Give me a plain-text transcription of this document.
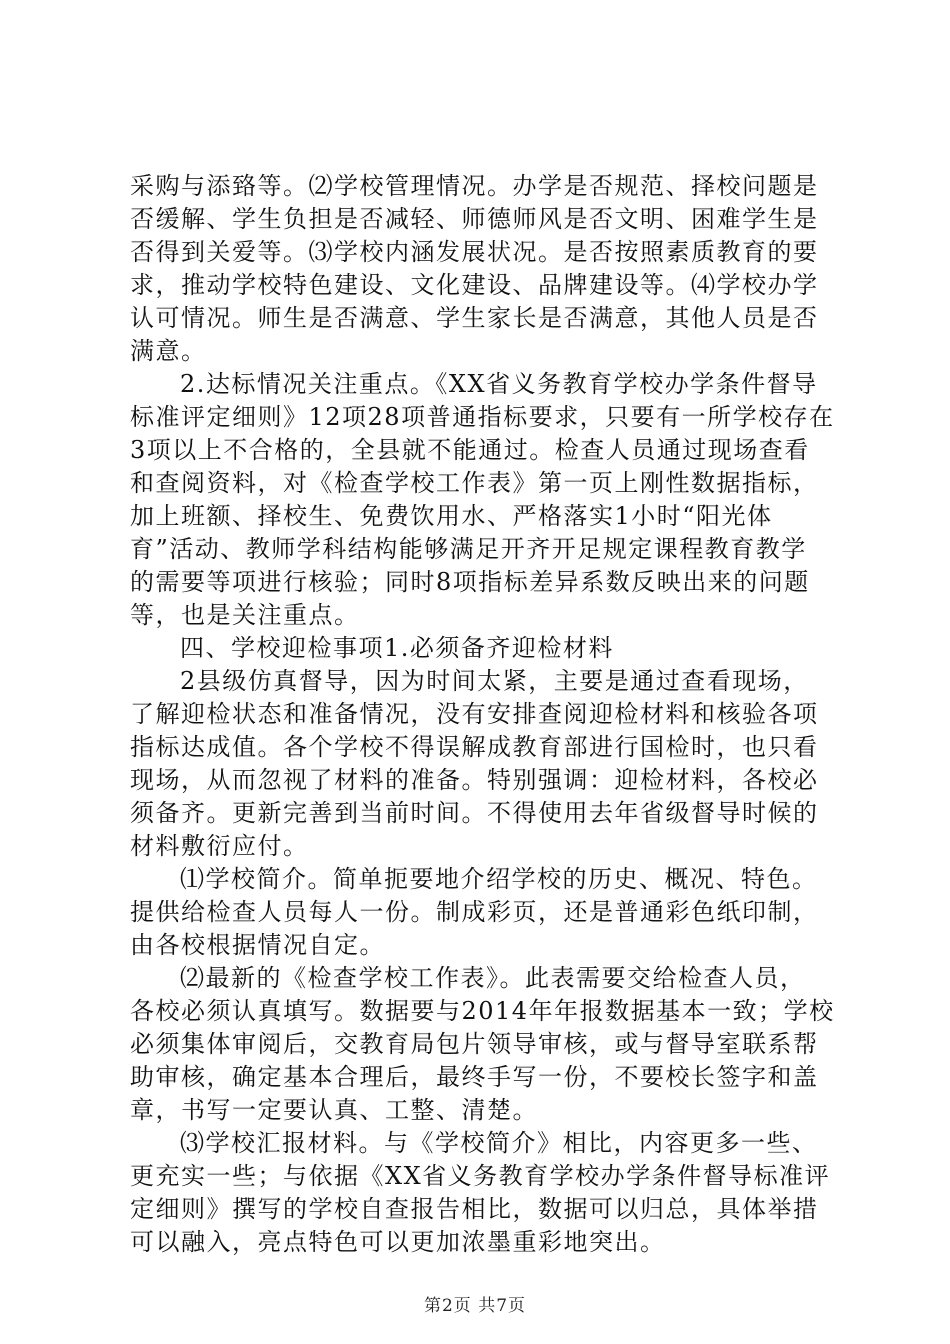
采购与添臵等。⑵学校管理情况。办学是否规范、择校问题是
否缓解、学生负担是否减轻、师德师风是否文明、困难学生是
否得到关爱等。⑶学校内涵发展状况。是否按照素质教育的要
求，推动学校特色建设、文化建设、品牌建设等。⑷学校办学
认可情况。师生是否满意、学生家长是否满意，其他人员是否
满意。
2.达标情况关注重点。《XX省义务教育学校办学条件督导
标准评定细则》12项28项普通指标要求，只要有一所学校存在
3项以上不合格的，全县就不能通过。检查人员通过现场查看
和查阅资料，对《检查学校工作表》第一页上刚性数据指标，
加上班额、择校生、免费饮用水、严格落实1小时“阳光体
育”活动、教师学科结构能够满足开齐开足规定课程教育教学
的需要等项进行核验；同时8项指标差异系数反映出来的问题
等，也是关注重点。
四、学校迎检事项1.必须备齐迎检材料
2县级仿真督导，因为时间太紧，主要是通过查看现场，
了解迎检状态和准备情况，没有安排查阅迎检材料和核验各项
指标达成值。各个学校不得误解成教育部进行国检时，也只看
现场，从而忽视了材料的准备。特别强调：迎检材料，各校必
须备齐。更新完善到当前时间。不得使用去年省级督导时候的
材料敷衍应付。
⑴学校简介。简单扼要地介绍学校的历史、概况、特色。
提供给检查人员每人一份。制成彩页，还是普通彩色纸印制，
由各校根据情况自定。
⑵最新的《检查学校工作表》。此表需要交给检查人员，
各校必须认真填写。数据要与2014年年报数据基本一致；学校
必须集体审阅后，交教育局包片领导审核，或与督导室联系帮
助审核，确定基本合理后，最终手写一份，不要校长签字和盖
章，书写一定要认真、工整、清楚。
⑶学校汇报材料。与《学校简介》相比，内容更多一些、
更充实一些；与依据《XX省义务教育学校办学条件督导标准评
定细则》撰写的学校自查报告相比，数据可以归总，具体举措
可以融入，亮点特色可以更加浓墨重彩地突出。
第2页 共7页
